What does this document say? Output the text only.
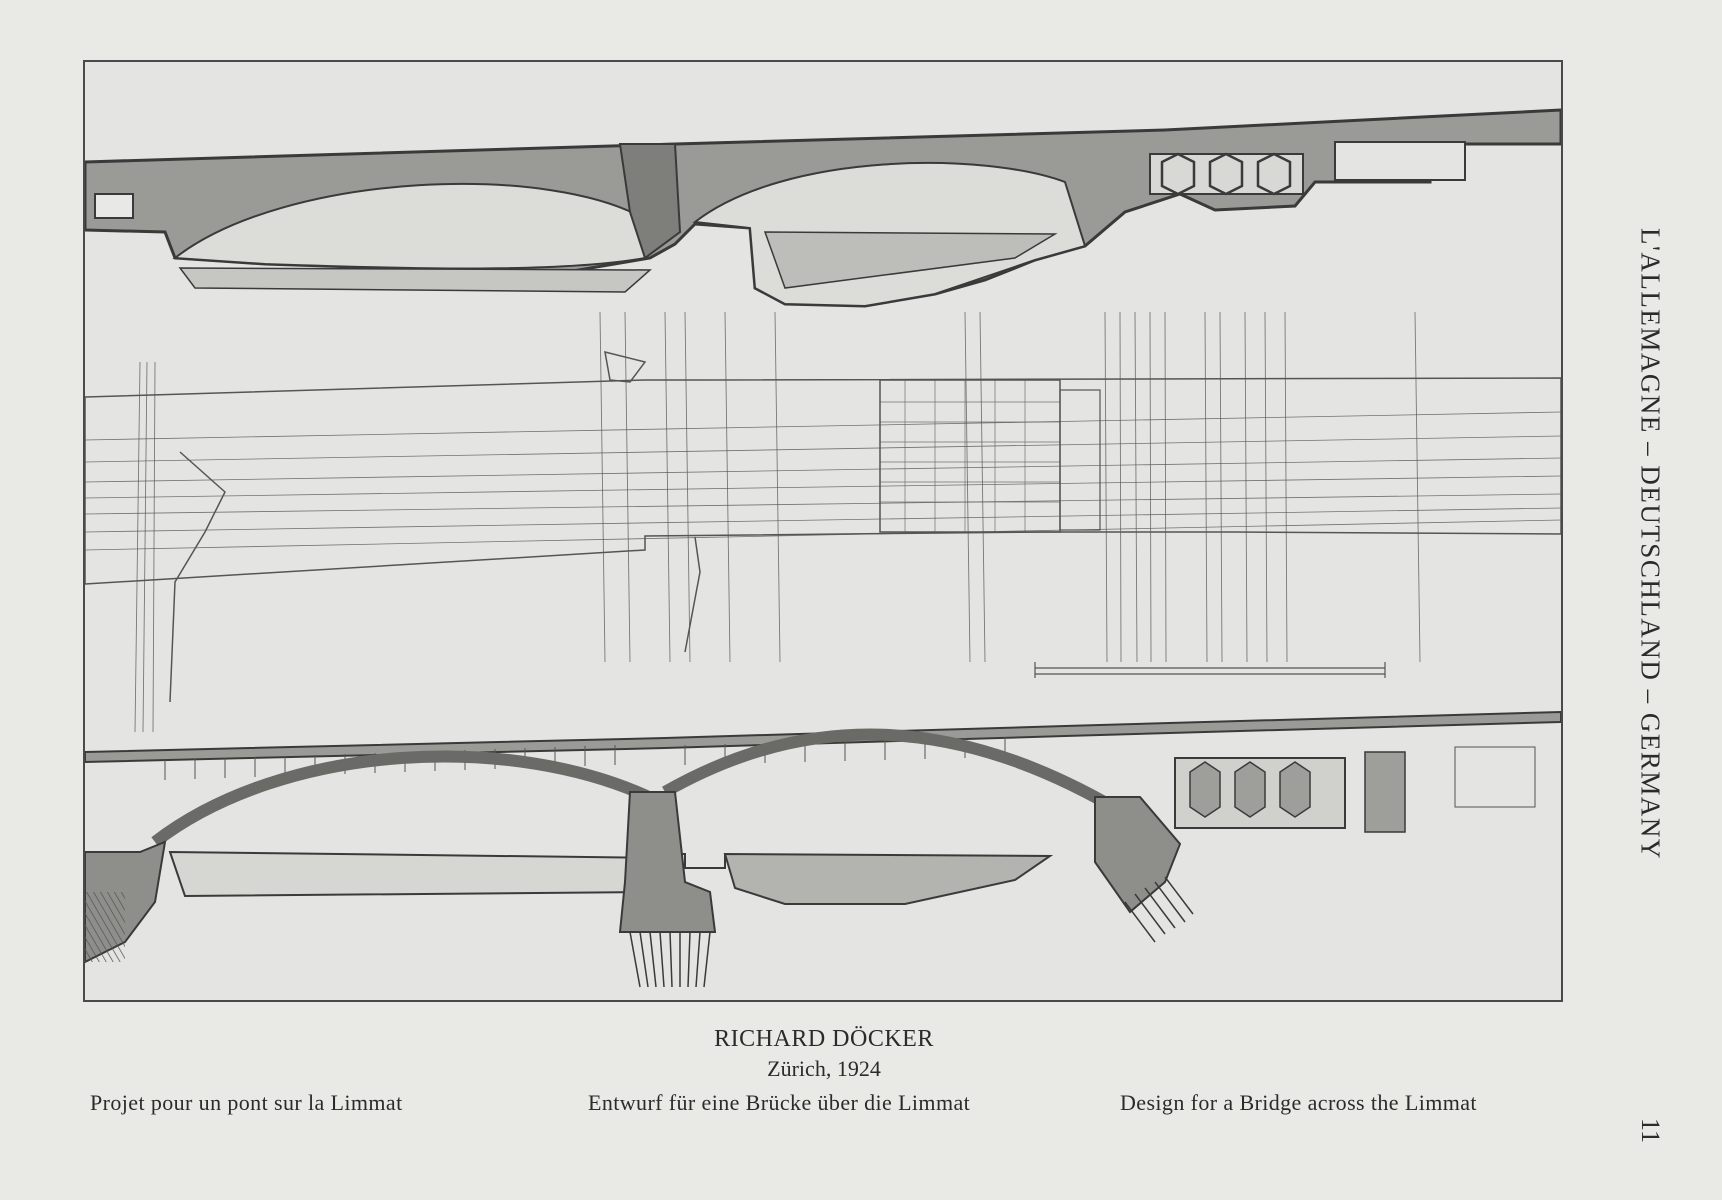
RICHARD DÖCKER
Zürich, 1924
Projet pour un pont sur la Limmat	Entwurf für eine Brücke über die Limmat	Design for a Bridge across the Limmat
L'ALLEMAGNE – DEUTSCHLAND – GERMANY
11
